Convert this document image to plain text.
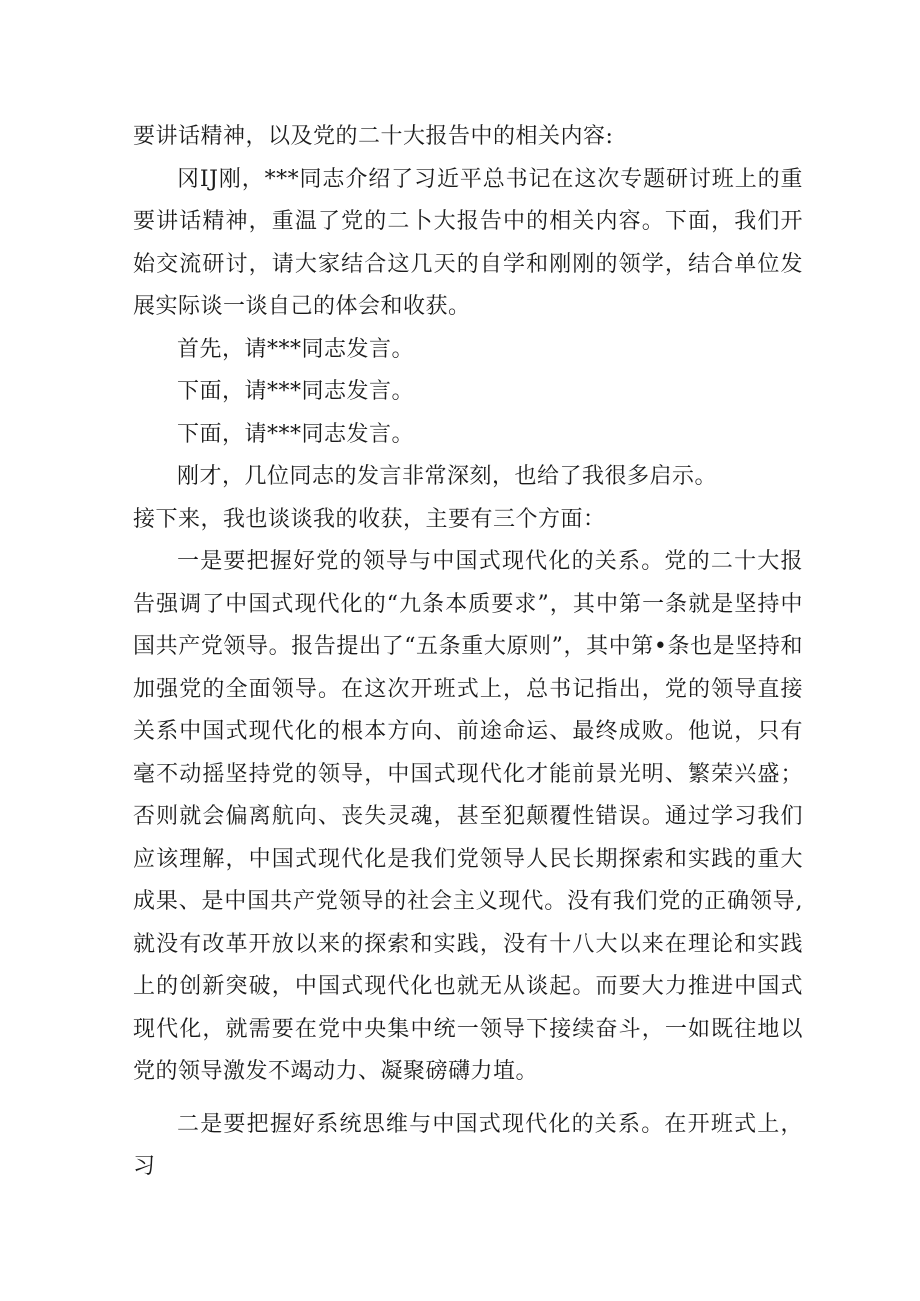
要讲话精神，以及党的二十大报告中的相关内容:

冈IJ刚，***同志介绍了习近平总书记在这次专题研讨班上的重要讲话精神，重温了党的二卜大报告中的相关内容。下面，我们开始交流研讨，请大家结合这几天的自学和刚刚的领学，结合单位发展实际谈一谈自己的体会和收获。

首先，请***同志发言。

下面，请***同志发言。

下面，请***同志发言。

刚才，几位同志的发言非常深刻，也给了我很多启示。

接下来，我也谈谈我的收获，主要有三个方面：

一是要把握好党的领导与中国式现代化的关系。党的二十大报告强调了中国式现代化的“九条本质要求”，其中第一条就是坚持中国共产党领导。报告提出了“五条重大原则”，其中第•条也是坚持和加强党的全面领导。在这次开班式上，总书记指出，党的领导直接关系中国式现代化的根本方向、前途命运、最终成败。他说，只有毫不动摇坚持党的领导，中国式现代化才能前景光明、繁荣兴盛；否则就会偏离航向、丧失灵魂，甚至犯颠覆性错误。通过学习我们应该理解，中国式现代化是我们党领导人民长期探索和实践的重大成果、是中国共产党领导的社会主义现代。没有我们党的正确领导,就没有改革开放以来的探索和实践，没有十八大以来在理论和实践上的创新突破，中国式现代化也就无从谈起。而要大力推进中国式现代化，就需要在党中央集中统一领导下接续奋斗，一如既往地以党的领导激发不竭动力、凝聚磅礴力埴。

二是要把握好系统思维与中国式现代化的关系。在开班式上，习
